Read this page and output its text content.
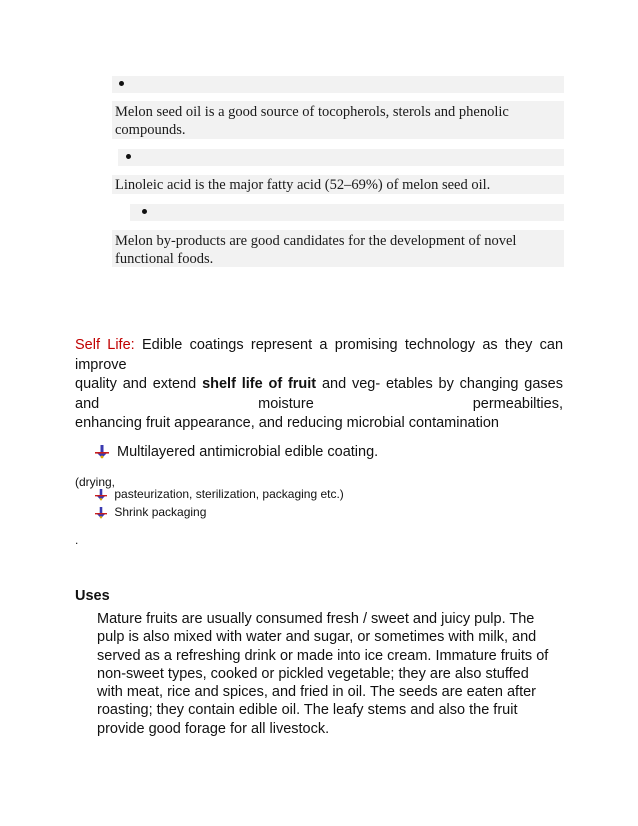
Melon seed oil is a good source of tocopherols, sterols and phenolic compounds.
Linoleic acid is the major fatty acid (52–69%) of melon seed oil.
Melon by-products are good candidates for the development of novel functional foods.
Self Life: Edible coatings represent a promising technology as they can
improve
quality and extend shelf life of fruit and veg- etables by changing gases
and	moisture	permeabilties,
enhancing fruit appearance, and reducing microbial contamination
Multilayered antimicrobial edible coating.
(drying,
pasteurization, sterilization, packaging etc.)
Shrink packaging
.
Uses
Mature fruits are usually consumed fresh / sweet and juicy pulp. The
pulp is also mixed with water and sugar, or sometimes with milk, and
served as a refreshing drink or made into ice cream. Immature fruits of
non-sweet types, cooked or pickled vegetable; they are also stuffed
with meat, rice and spices, and fried in oil. The seeds are eaten after
roasting; they contain edible oil. The leafy stems and also the fruit
provide good forage for all livestock.
